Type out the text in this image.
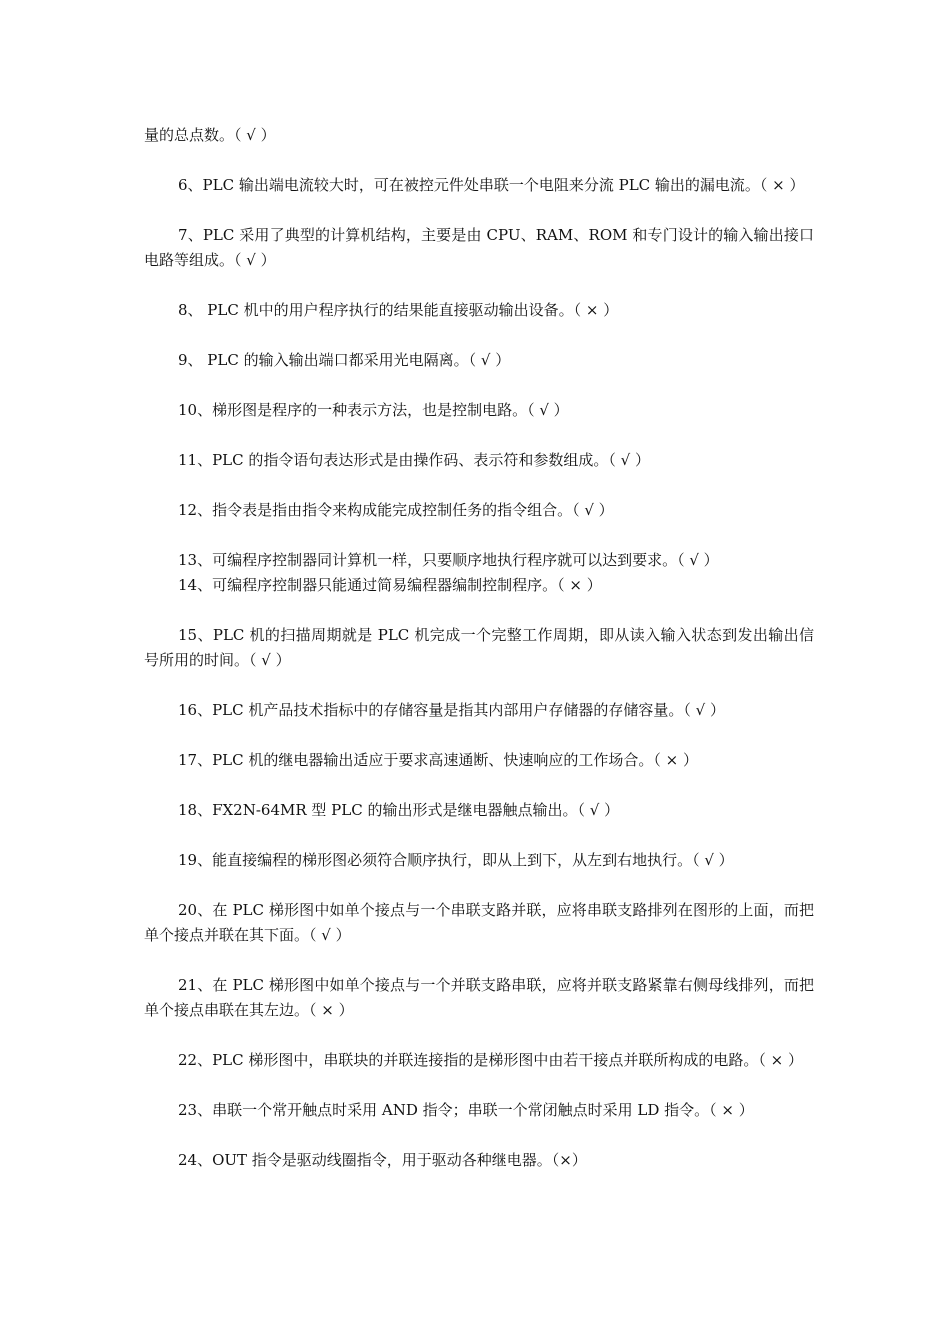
量的总点数。（ √ ）

6、PLC 输出端电流较大时，可在被控元件处串联一个电阻来分流 PLC 输出的漏电流。（ × ）

7、PLC 采用了典型的计算机结构，主要是由 CPU、RAM、ROM 和专门设计的输入输出接口电路等组成。（ √ ）

8、 PLC 机中的用户程序执行的结果能直接驱动输出设备。（ × ）

9、 PLC 的输入输出端口都采用光电隔离。（ √ ）

10、梯形图是程序的一种表示方法，也是控制电路。（ √ ）

11、PLC 的指令语句表达形式是由操作码、表示符和参数组成。（ √ ）

12、指令表是指由指令来构成能完成控制任务的指令组合。（ √ ）

13、可编程序控制器同计算机一样，只要顺序地执行程序就可以达到要求。（ √ ）

14、可编程序控制器只能通过简易编程器编制控制程序。（ × ）

15、PLC 机的扫描周期就是 PLC 机完成一个完整工作周期，即从读入输入状态到发出输出信号所用的时间。（ √ ）

16、PLC 机产品技术指标中的存储容量是指其内部用户存储器的存储容量。（ √ ）

17、PLC 机的继电器输出适应于要求高速通断、快速响应的工作场合。（ × ）

18、FX2N-64MR 型 PLC 的输出形式是继电器触点输出。（ √ ）

19、能直接编程的梯形图必须符合顺序执行，即从上到下，从左到右地执行。（ √ ）

20、在 PLC 梯形图中如单个接点与一个串联支路并联，应将串联支路排列在图形的上面，而把单个接点并联在其下面。（ √ ）

21、在 PLC 梯形图中如单个接点与一个并联支路串联，应将并联支路紧靠右侧母线排列，而把单个接点串联在其左边。（ × ）

22、PLC 梯形图中，串联块的并联连接指的是梯形图中由若干接点并联所构成的电路。（ × ）

23、串联一个常开触点时采用 AND 指令；串联一个常闭触点时采用 LD 指令。（ × ）

24、OUT 指令是驱动线圈指令，用于驱动各种继电器。（×）
